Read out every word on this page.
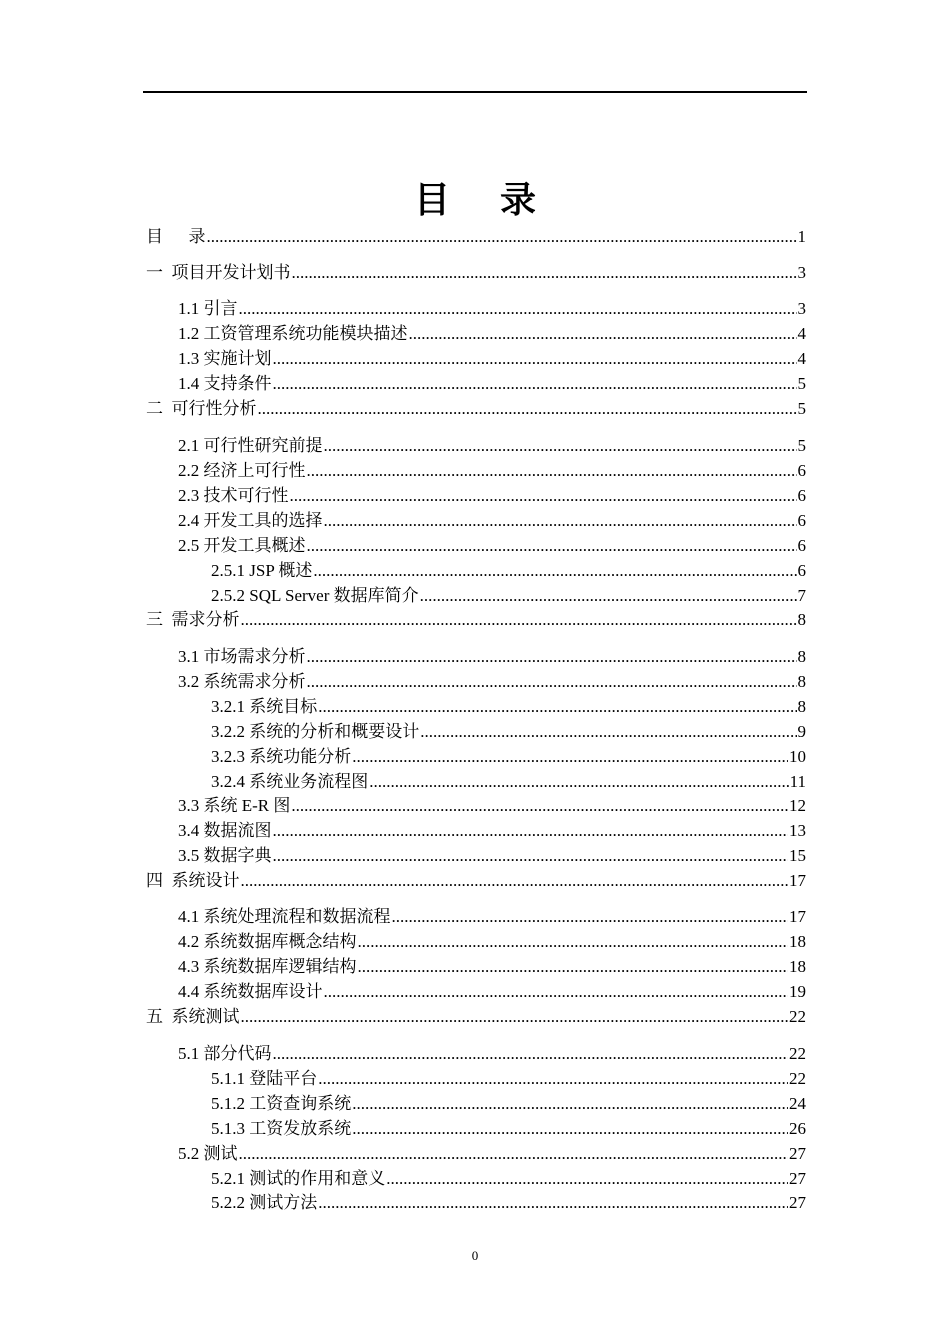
目 录
目      录 .....	1
一  项目开发计划书 .....	3
1.1 引言 .....	3
1.2 工资管理系统功能模块描述 .....	4
1.3 实施计划 .....	4
1.4 支持条件 .....	5
二  可行性分析 .....	5
2.1 可行性研究前提 .....	5
2.2 经济上可行性 .....	6
2.3 技术可行性 .....	6
2.4 开发工具的选择 .....	6
2.5 开发工具概述 .....	6
2.5.1 JSP 概述 .....	6
2.5.2 SQL Server 数据库简介 .....	7
三  需求分析 .....	8
3.1 市场需求分析 .....	8
3.2 系统需求分析 .....	8
3.2.1 系统目标 .....	8
3.2.2 系统的分析和概要设计 .....	9
3.2.3 系统功能分析 .....	10
3.2.4 系统业务流程图 .....	11
3.3 系统 E-R 图 .....	12
3.4 数据流图 .....	13
3.5 数据字典 .....	15
四  系统设计 .....	17
4.1 系统处理流程和数据流程 .....	17
4.2 系统数据库概念结构 .....	18
4.3 系统数据库逻辑结构 .....	18
4.4 系统数据库设计 .....	19
五  系统测试 .....	22
5.1 部分代码 .....	22
5.1.1 登陆平台 .....	22
5.1.2 工资查询系统 .....	24
5.1.3 工资发放系统 .....	26
5.2 测试 .....	27
5.2.1 测试的作用和意义 .....	27
5.2.2 测试方法 .....	27
0
